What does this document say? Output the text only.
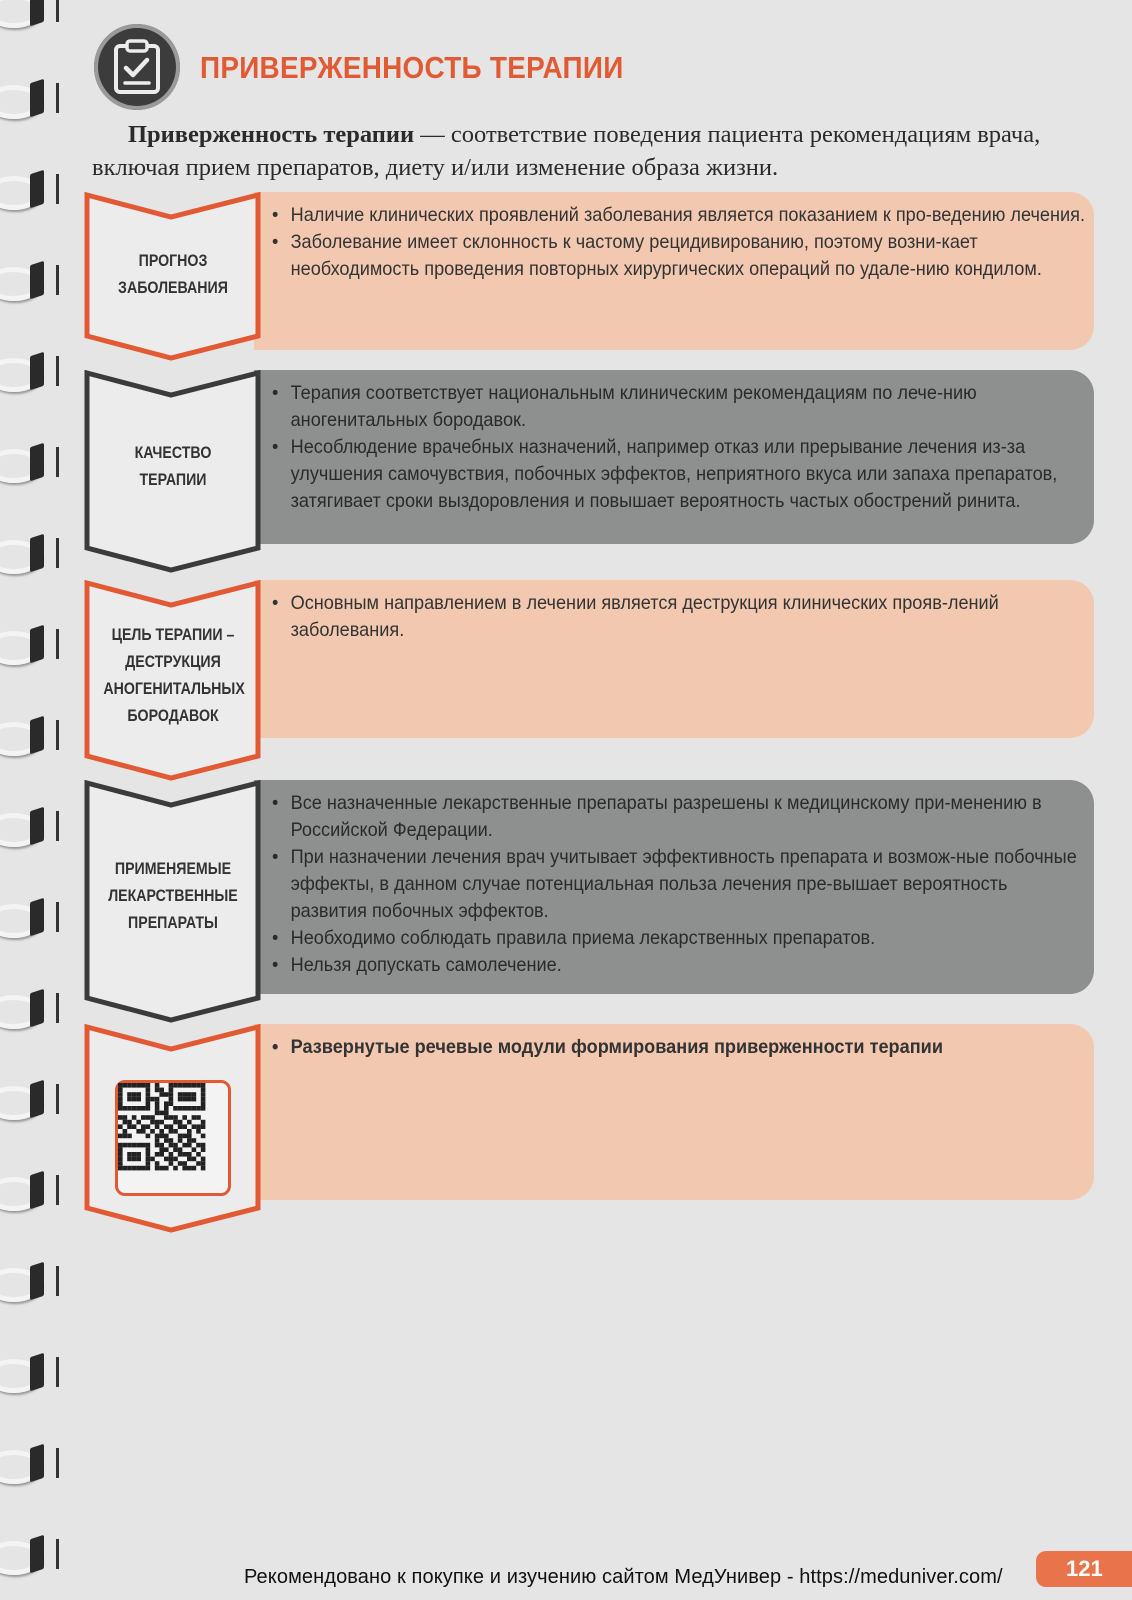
ПРИВЕРЖЕННОСТЬ ТЕРАПИИ
Приверженность терапии — соответствие поведения пациента рекомендациям врача, включая прием препаратов, диету и/или изменение образа жизни.
• Наличие клинических проявлений заболевания является показанием к про-ведению лечения.
• Заболевание имеет склонность к частому рецидивированию, поэтому возни-кает необходимость проведения повторных хирургических операций по удале-нию кондилом.
ПРОГНОЗ
ЗАБОЛЕВАНИЯ
• Терапия соответствует национальным клиническим рекомендациям по лече-нию аногенитальных бородавок.
• Несоблюдение врачебных назначений, например отказ или прерывание лечения из-за улучшения самочувствия, побочных эффектов, неприятного вкуса или запаха препаратов, затягивает сроки выздоровления и повышает вероятность частых обострений ринита.
КАЧЕСТВО
ТЕРАПИИ
• Основным направлением в лечении является деструкция клинических прояв-лений заболевания.
ЦЕЛЬ ТЕРАПИИ –
ДЕСТРУКЦИЯ
АНОГЕНИТАЛЬНЫХ
БОРОДАВОК
• Все назначенные лекарственные препараты разрешены к медицинскому при-менению в Российской Федерации.
• При назначении лечения врач учитывает эффективность препарата и возмож-ные побочные эффекты, в данном случае потенциальная польза лечения пре-вышает вероятность развития побочных эффектов.
• Необходимо соблюдать правила приема лекарственных препаратов.
• Нельзя допускать самолечение.
ПРИМЕНЯЕМЫЕ
ЛЕКАРСТВЕННЫЕ
ПРЕПАРАТЫ
• Развернутые речевые модули формирования приверженности терапии
121
Рекомендовано к покупке и изучению сайтом МедУнивер - https://meduniver.com/
